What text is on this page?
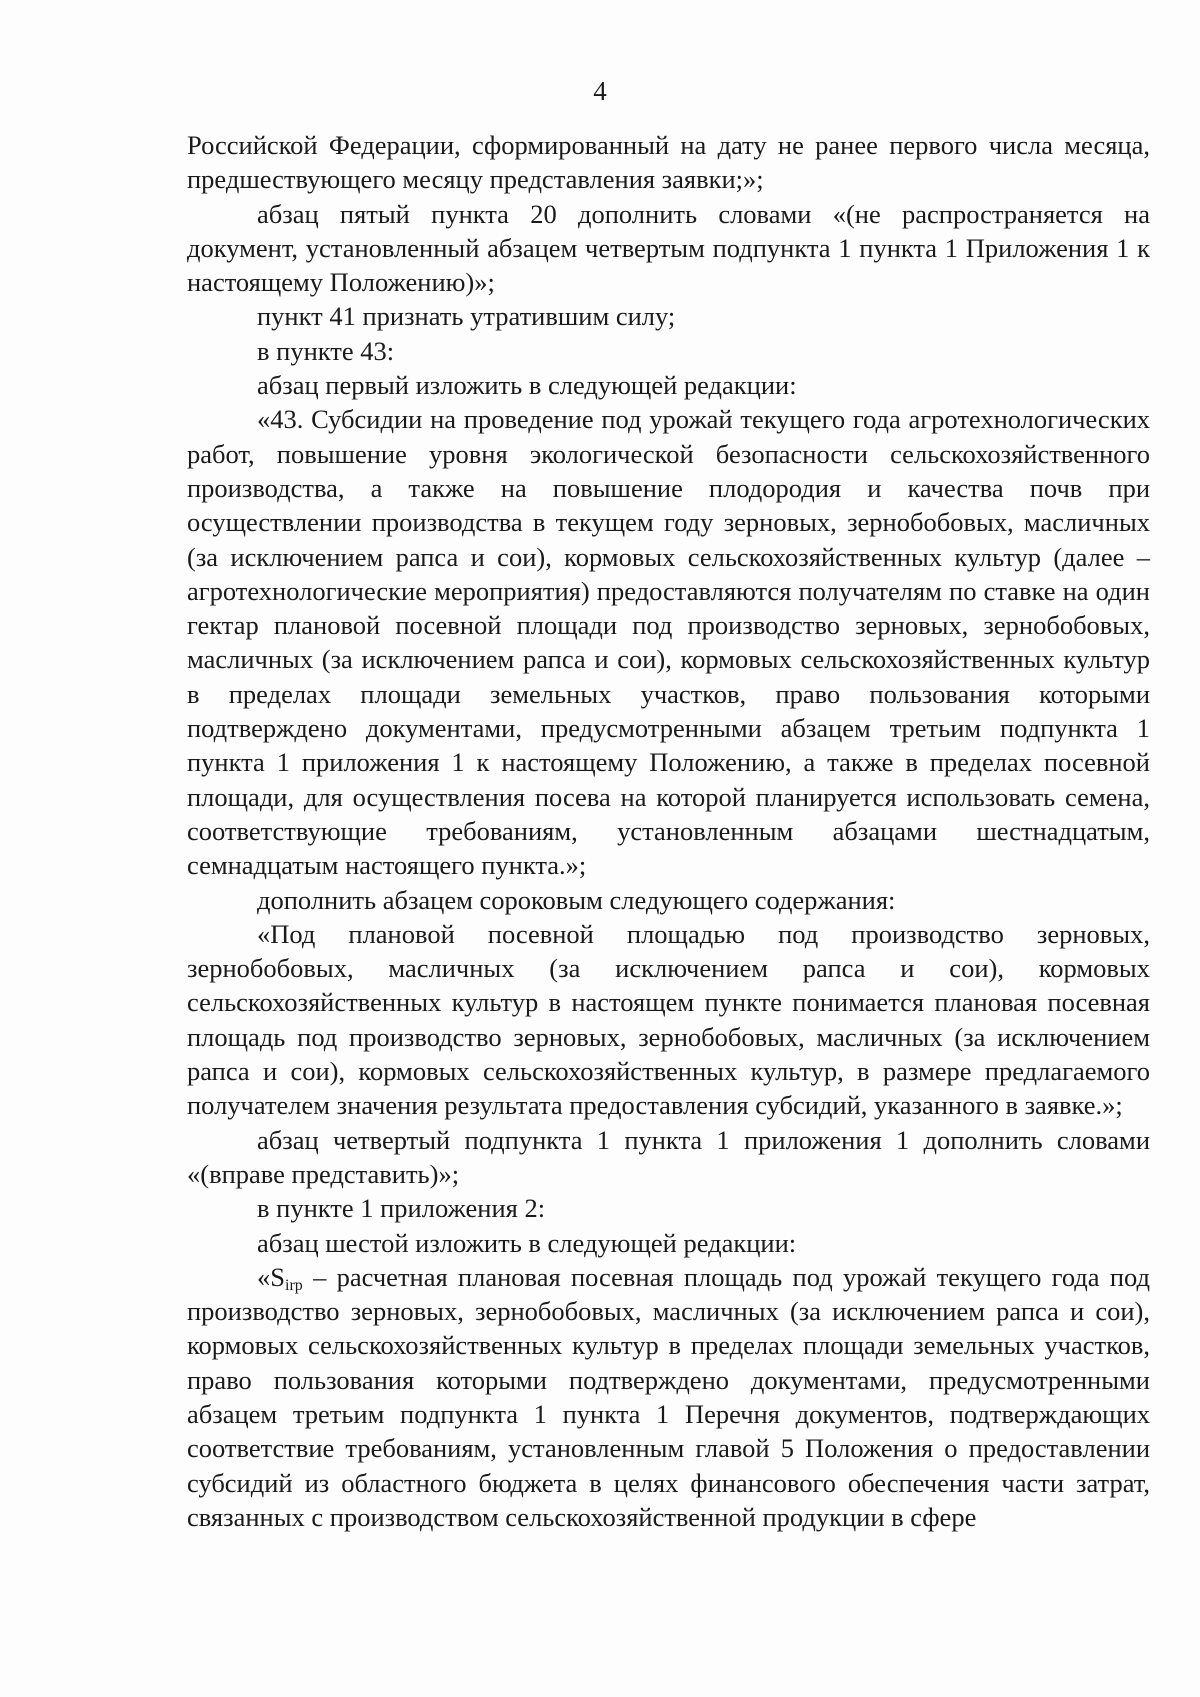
4

Российской Федерации, сформированный на дату не ранее первого числа месяца, предшествующего месяцу представления заявки;»;

абзац пятый пункта 20 дополнить словами «(не распространяется на документ, установленный абзацем четвертым подпункта 1 пункта 1 Приложения 1 к настоящему Положению)»;

пункт 41 признать утратившим силу;

в пункте 43:

абзац первый изложить в следующей редакции:

«43. Субсидии на проведение под урожай текущего года агротехнологических работ, повышение уровня экологической безопасности сельскохозяйственного производства, а также на повышение плодородия и качества почв при осуществлении производства в текущем году зерновых, зернобобовых, масличных (за исключением рапса и сои), кормовых сельскохозяйственных культур (далее – агротехнологические мероприятия) предоставляются получателям по ставке на один гектар плановой посевной площади под производство зерновых, зернобобовых, масличных (за исключением рапса и сои), кормовых сельскохозяйственных культур в пределах площади земельных участков, право пользования которыми подтверждено документами, предусмотренными абзацем третьим подпункта 1 пункта 1 приложения 1 к настоящему Положению, а также в пределах посевной площади, для осуществления посева на которой планируется использовать семена, соответствующие требованиям, установленным абзацами шестнадцатым, семнадцатым настоящего пункта.»;

дополнить абзацем сороковым следующего содержания:

«Под плановой посевной площадью под производство зерновых, зернобобовых, масличных (за исключением рапса и сои), кормовых сельскохозяйственных культур в настоящем пункте понимается плановая посевная площадь под производство зерновых, зернобобовых, масличных (за исключением рапса и сои), кормовых сельскохозяйственных культур, в размере предлагаемого получателем значения результата предоставления субсидий, указанного в заявке.»;

абзац четвертый подпункта 1 пункта 1 приложения 1 дополнить словами «(вправе представить)»;

в пункте 1 приложения 2:

абзац шестой изложить в следующей редакции:

«$S_{irp}$ – расчетная плановая посевная площадь под урожай текущего года под производство зерновых, зернобобовых, масличных (за исключением рапса и сои), кормовых сельскохозяйственных культур в пределах площади земельных участков, право пользования которыми подтверждено документами, предусмотренными абзацем третьим подпункта 1 пункта 1 Перечня документов, подтверждающих соответствие требованиям, установленным главой 5 Положения о предоставлении субсидий из областного бюджета в целях финансового обеспечения части затрат, связанных с производством сельскохозяйственной продукции в сфере
